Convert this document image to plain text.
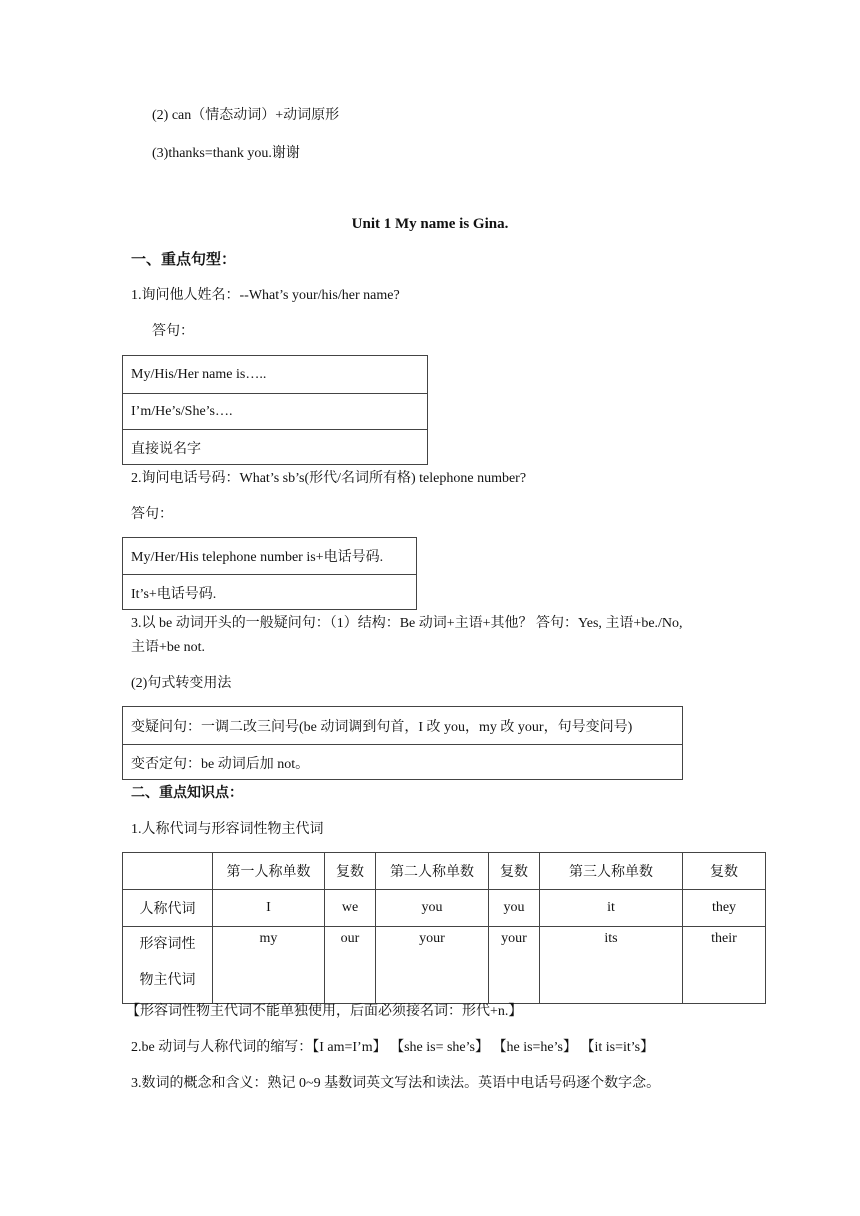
(2) can（情态动词）+动词原形
(3)thanks=thank you.谢谢
Unit 1 My name is Gina.
一、重点句型：
1.询问他人姓名：--What’s your/his/her name?
答句：
My/His/Her name is…..
I’m/He’s/She’s….
直接说名字
2.询问电话号码：What’s sb’s(形代/名词所有格) telephone number?
答句：
My/Her/His telephone number is+电话号码.
It’s+电话号码.
3.以 be 动词开头的一般疑问句：（1）结构：Be 动词+主语+其他？ 答句：Yes, 主语+be./No,
主语+be not.
(2)句式转变用法
变疑问句：一调二改三问号(be 动词调到句首，I 改 you，my 改 your，句号变问号)
变否定句：be 动词后加 not。
二、重点知识点：
1.人称代词与形容词性物主代词
	第一人称单数	复数	第二人称单数	复数	第三人称单数	复数
人称代词	I	we	you	you	it	they

形容词性
物主代词	my	our	your	your	its	their
【形容词性物主代词不能单独使用，后面必须接名词：形代+n.】
2.be 动词与人称代词的缩写：【I am=I’m】 【she is= she’s】 【he is=he’s】 【it is=it’s】
3.数词的概念和含义：熟记 0~9 基数词英文写法和读法。英语中电话号码逐个数字念。
